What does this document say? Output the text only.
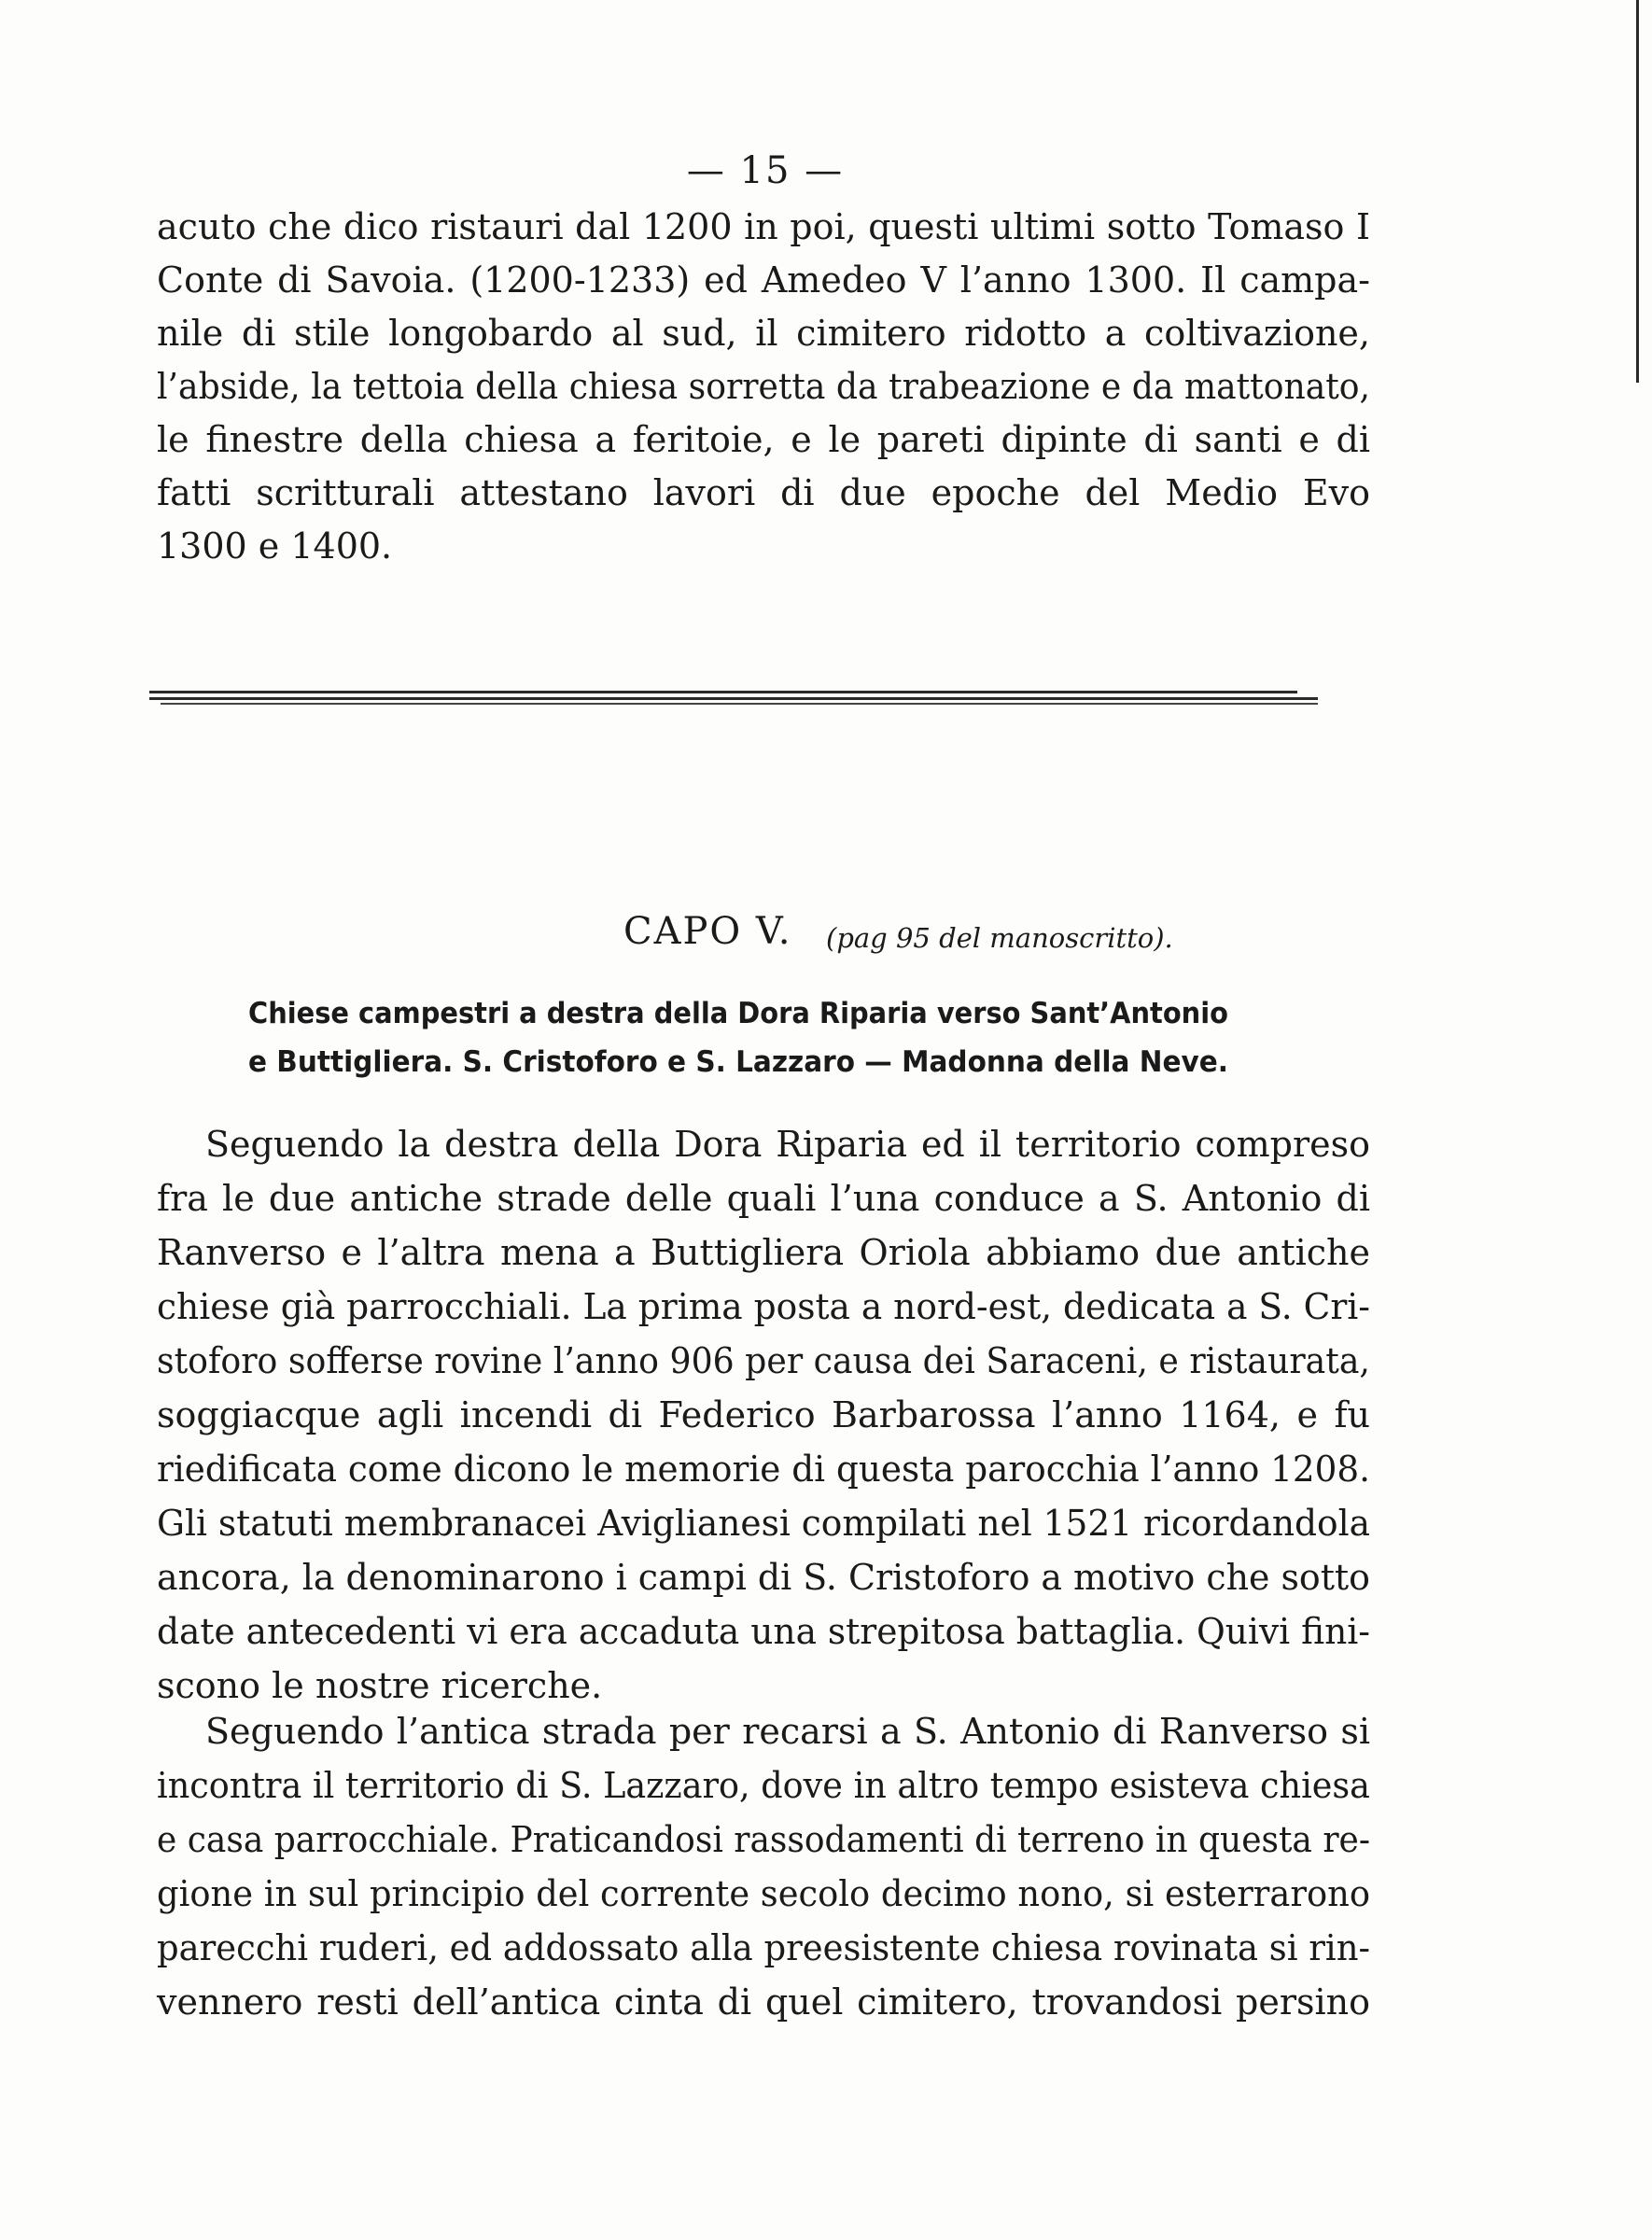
— 15 —
acuto che dico ristauri dal 1200 in poi, questi ultimi sotto Tomaso I
Conte di Savoia. (1200-1233) ed Amedeo V l’anno 1300. Il campa-
nile di stile longobardo al sud, il cimitero ridotto a coltivazione,
l’abside, la tettoia della chiesa sorretta da trabeazione e da mattonato,
le finestre della chiesa a feritoie, e le pareti dipinte di santi e di
fatti scritturali attestano lavori di due epoche del Medio Evo
1300 e 1400.
CAPO V. (pag 95 del manoscritto).
Chiese campestri a destra della Dora Riparia verso Sant’Antonio
e Buttigliera. S. Cristoforo e S. Lazzaro — Madonna della Neve.
Seguendo la destra della Dora Riparia ed il territorio compreso
fra le due antiche strade delle quali l’una conduce a S. Antonio di
Ranverso e l’altra mena a Buttigliera Oriola abbiamo due antiche
chiese già parrocchiali. La prima posta a nord-est, dedicata a S. Cri-
stoforo sofferse rovine l’anno 906 per causa dei Saraceni, e ristaurata,
soggiacque agli incendi di Federico Barbarossa l’anno 1164, e fu
riedificata come dicono le memorie di questa parocchia l’anno 1208.
Gli statuti membranacei Aviglianesi compilati nel 1521 ricordandola
ancora, la denominarono i campi di S. Cristoforo a motivo che sotto
date antecedenti vi era accaduta una strepitosa battaglia. Quivi fini-
scono le nostre ricerche.
Seguendo l’antica strada per recarsi a S. Antonio di Ranverso si
incontra il territorio di S. Lazzaro, dove in altro tempo esisteva chiesa
e casa parrocchiale. Praticandosi rassodamenti di terreno in questa re-
gione in sul principio del corrente secolo decimo nono, si esterrarono
parecchi ruderi, ed addossato alla preesistente chiesa rovinata si rin-
vennero resti dell’antica cinta di quel cimitero, trovandosi persino
